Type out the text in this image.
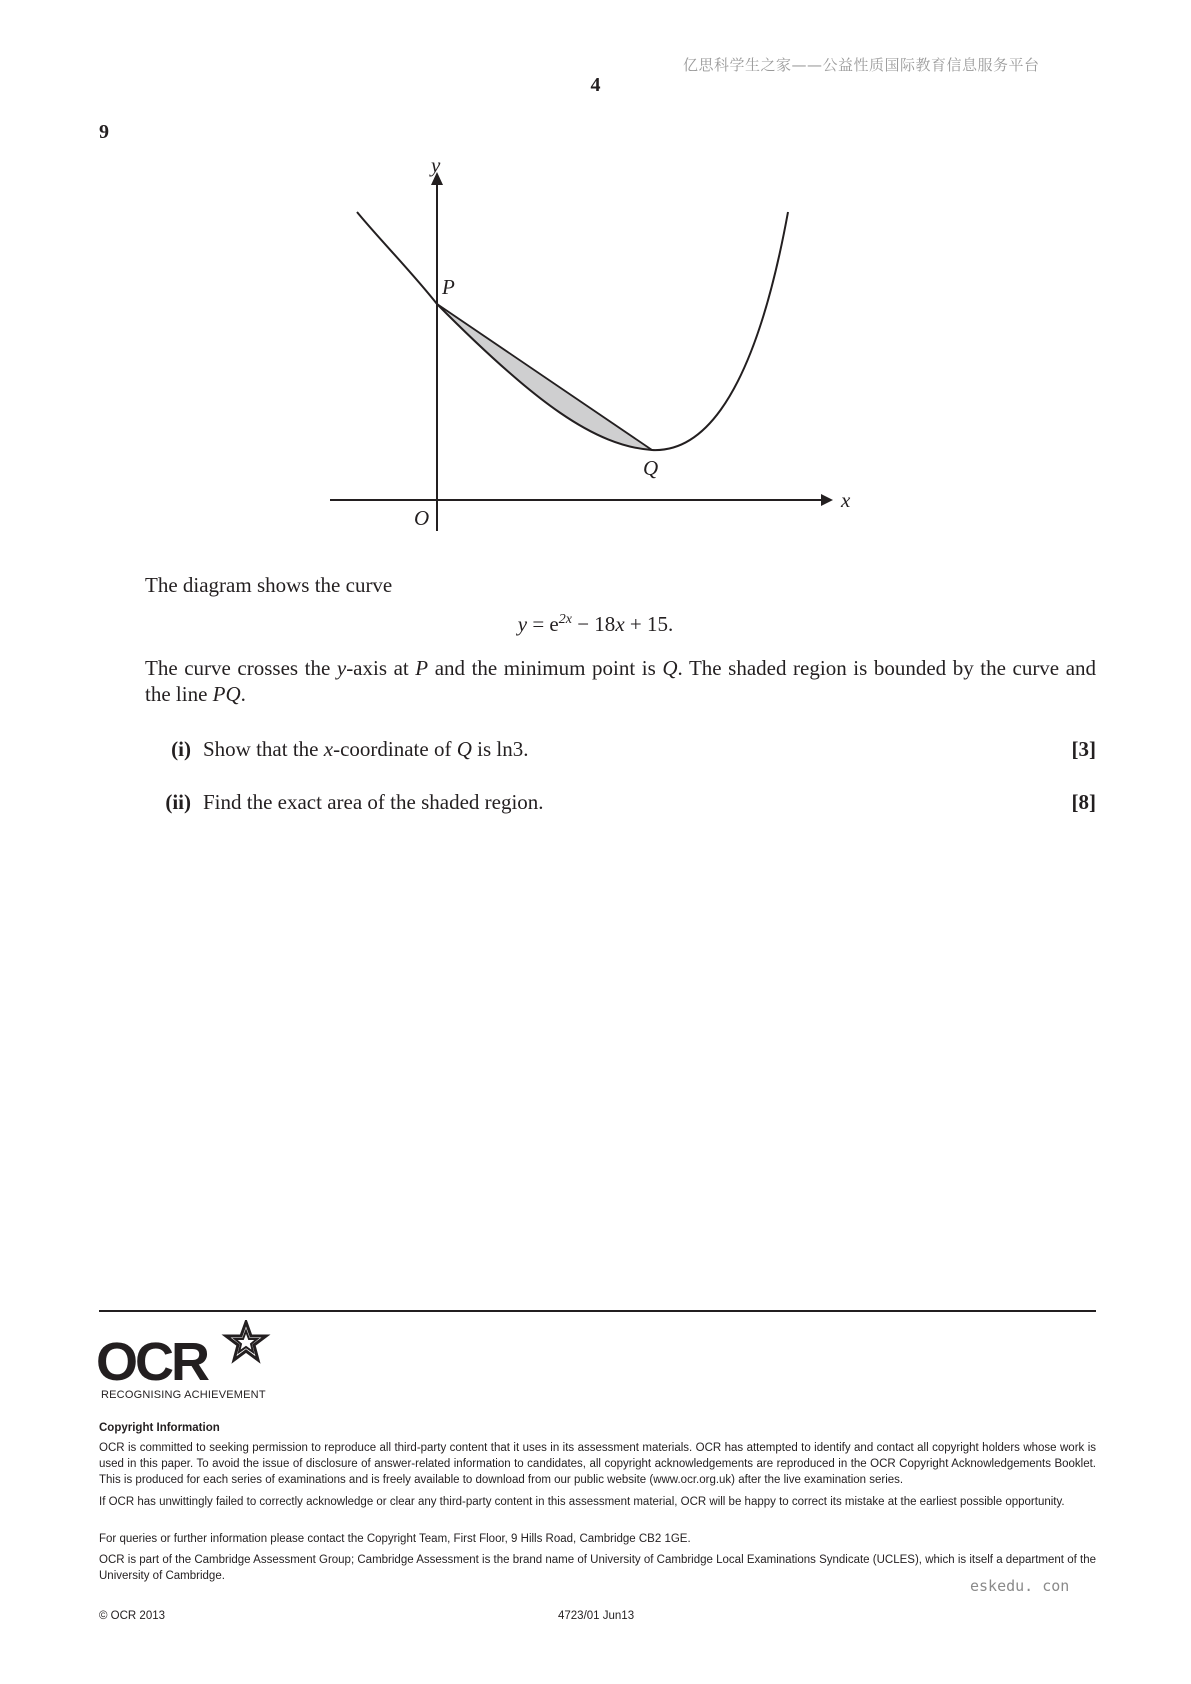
亿思科学生之家——公益性质国际教育信息服务平台
4
9
y
x
O
P
Q
The diagram shows the curve
$y = e^{2x} - 18x + 15$.
The curve crosses the y-axis at P and the minimum point is Q. The shaded region is bounded by the curve and the line PQ.
(i) Show that the x-coordinate of Q is ln3.	[3]
(ii) Find the exact area of the shaded region.	[8]
OCR
RECOGNISING ACHIEVEMENT
Copyright Information
OCR is committed to seeking permission to reproduce all third-party content that it uses in its assessment materials. OCR has attempted to identify and contact all copyright holders whose work is used in this paper. To avoid the issue of disclosure of answer-related information to candidates, all copyright acknowledgements are reproduced in the OCR Copyright Acknowledgements Booklet. This is produced for each series of examinations and is freely available to download from our public website (www.ocr.org.uk) after the live examination series.
If OCR has unwittingly failed to correctly acknowledge or clear any third-party content in this assessment material, OCR will be happy to correct its mistake at the earliest possible opportunity.
For queries or further information please contact the Copyright Team, First Floor, 9 Hills Road, Cambridge CB2 1GE.
OCR is part of the Cambridge Assessment Group; Cambridge Assessment is the brand name of University of Cambridge Local Examinations Syndicate (UCLES), which is itself a department of the University of Cambridge.
eskedu. con
© OCR 2013	4723/01 Jun13
